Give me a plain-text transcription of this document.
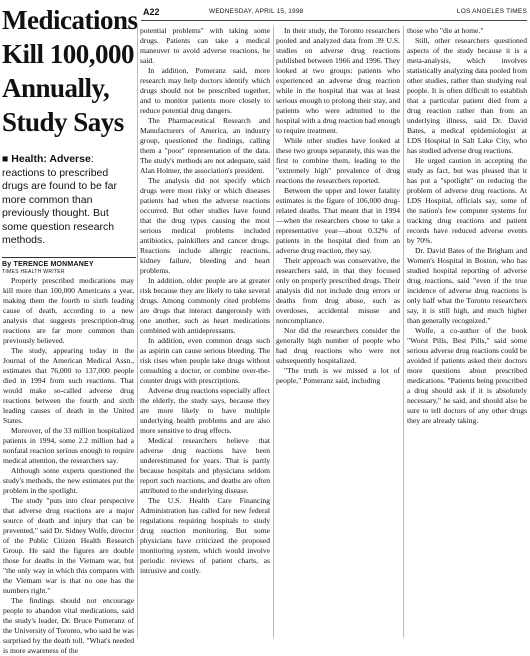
A22	WEDNESDAY, APRIL 15, 1998	LOS ANGELES TIMES
Medications
Kill 100,000
Annually,
Study Says
■ Health: Adverse: reactions to prescribed drugs are found to be far more common than previously thought. But some question research methods.
By TERENCE MONMANEY
TIMES HEALTH WRITER

Properly prescribed medications may kill more than 100,000 Americans a year, making them the fourth to sixth leading cause of death, according to a new analysis that suggests prescription-drug reactions are far more common than previously believed.

The study, appearing today in the Journal of the American Medical Assn., estimates that 76,000 to 137,000 people died in 1994 from such reactions. That would make so-called adverse drug reactions between the fourth and sixth leading causes of death in the United States.

Moreover, of the 33 million hospitalized patients in 1994, some 2.2 million had a nonfatal reaction serious enough to require medical attention, the researchers say.

Although some experts questioned the study's methods, the new estimates put the problem in the spotlight.

The study "puts into clear perspective that adverse drug reactions are a major source of death and injury that can be prevented," said Dr. Sidney Wolfe, director of the Public Citizen Health Research Group. He said the figures are double those for deaths in the Vietnam war, but "the only way in which this compares with the Vietnam war is that no one has the numbers right."

The findings should not encourage people to abandon vital medications, said the study's leader, Dr. Bruce Pomeranz of the University of Toronto, who said he was surprised by the death toll. "What's needed is more awareness of the

potential problems" with taking some drugs. Patients can take a medical maneuver to avoid adverse reactions, he said.

In addition, Pomeranz said, more research may help doctors identify which drugs should not be prescribed together, and to monitor patients more closely to reduce potential drug dangers.

The Pharmaceutical Research and Manufacturers of America, an industry group, questioned the findings, calling them a "poor" representation of the data. The study's methods are not adequate, said Alan Holmer, the association's president.

The analysis did not specify which drugs were most risky or which diseases patients had when the adverse reactions occurred. But other studies have found that the drug types causing the most serious medical problems included antibiotics, painkillers and cancer drugs. Reactions include allergic reactions, kidney failure, bleeding and heart problems.

In addition, older people are at greater risk because they are likely to take several drugs. Among commonly cited problems are drugs that interact dangerously with one another, such as heart medications combined with antidepressants.

In addition, even common drugs such as aspirin can cause serious bleeding. The risk rises when people take drugs without consulting a doctor, or combine over-the-counter drugs with prescriptions.

Adverse drug reactions especially affect the elderly, the study says, because they are more likely to have multiple underlying health problems and are also more sensitive to drug effects.

Medical researchers believe that adverse drug reactions have been underestimated for years. That is partly because hospitals and physicians seldom report such reactions, and deaths are often attributed to the underlying disease.

The U.S. Health Care Financing Administration has called for new federal regulations requiring hospitals to study drug reaction monitoring. But some physicians have criticized the proposed monitoring system, which would involve periodic reviews of patient charts, as intrusive and costly.

In their study, the Toronto researchers pooled and analyzed data from 39 U.S. studies on adverse drug reactions published between 1966 and 1996. They looked at two groups: patients who experienced an adverse drug reaction while in the hospital that was at least serious enough to prolong their stay, and patients who were admitted to the hospital with a drug reaction bad enough to require treatment.

While other studies have looked at these two groups separately, this was the first to combine them, leading to the "extremely high" prevalence of drug reactions the researchers reported.

Between the upper and lower fatality estimates is the figure of 106,000 drug-related deaths. That meant that in 1994—when the researchers chose to take a representative year—about 0.32% of patients in the hospital died from an adverse drug reaction, they say.

Their approach was conservative, the researchers said, in that they focused only on properly prescribed drugs. Their analysis did not include drug errors or deaths from drug abuse, such as overdoses, accidental misuse and noncompliance.

Nor did the researchers consider the generally high number of people who had drug reactions who were not subsequently hospitalized.

"The truth is we missed a lot of people," Pomeranz said, including

those who "die at home."

Still, other researchers questioned aspects of the study because it is a meta-analysis, which involves statistically analyzing data pooled from other studies, rather than studying real people. It is often difficult to establish that a particular patient died from a drug reaction rather than from an underlying illness, said Dr. David Bates, a medical epidemiologist at LDS Hospital in Salt Lake City, who has studied adverse drug reactions.

He urged caution in accepting the study as fact, but was pleased that it has put a "spotlight" on reducing the problem of adverse drug reactions. At LDS Hospital, officials say, some of the nation's few computer systems for tracking drug reactions and patient records have reduced adverse events by 70%.

Dr. David Bates of the Brigham and Women's Hospital in Boston, who has studied hospital reporting of adverse drug reactions, said "even if the true incidence of adverse drug reactions is only half what the Toronto researchers say, it is still high, and much higher than generally recognized."

Wolfe, a co-author of the book "Worst Pills, Best Pills," said some serious adverse drug reactions could be avoided if patients asked their doctors more questions about prescribed medications. "Patients being prescribed a drug should ask if it is absolutely necessary," he said, and should also be sure to tell doctors of any other drugs they are already taking.
